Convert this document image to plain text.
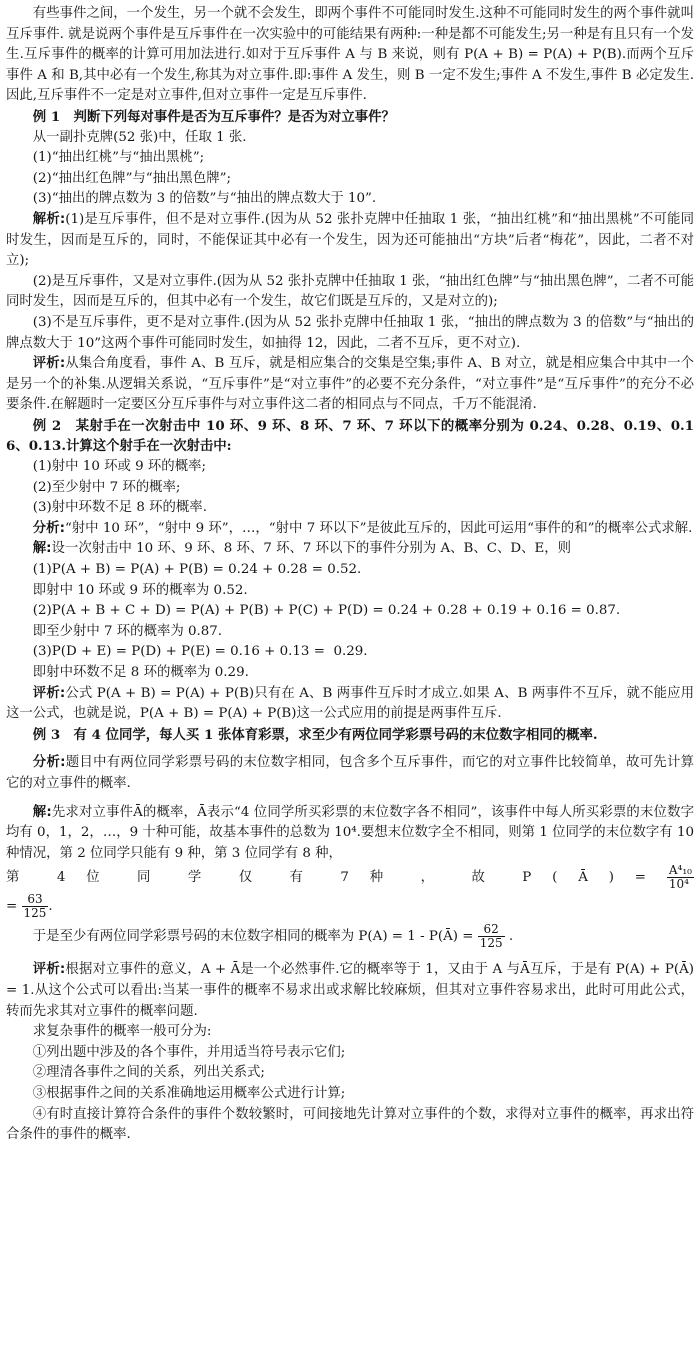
有些事件之间，一个发生，另一个就不会发生，即两个事件不可能同时发生.这种不可能同时发生的两个事件就叫互斥事件. 就是说两个事件是互斥事件在一次实验中的可能结果有两种:一种是都不可能发生;另一种是有且只有一个发生.互斥事件的概率的计算可用加法进行.如对于互斥事件 A 与 B 来说，则有 P(A + B) = P(A) + P(B).而两个互斥事件 A 和 B,其中必有一个发生,称其为对立事件.即:事件 A 发生，则 B 一定不发生;事件 A 不发生,事件 B 必定发生.因此,互斥事件不一定是对立事件,但对立事件一定是互斥事件.

例 1　判断下列每对事件是否为互斥事件？是否为对立事件？

从一副扑克牌(52 张)中，任取 1 张.

(1)“抽出红桃”与“抽出黑桃”;

(2)“抽出红色牌”与“抽出黑色牌”;

(3)“抽出的牌点数为 3 的倍数”与“抽出的牌点数大于 10”.

解析:(1)是互斥事件，但不是对立事件.(因为从 52 张扑克牌中任抽取 1 张，“抽出红桃”和“抽出黑桃”不可能同时发生，因而是互斥的，同时，不能保证其中必有一个发生，因为还可能抽出“方块”后者“梅花”，因此，二者不对立);

(2)是互斥事件，又是对立事件.(因为从 52 张扑克牌中任抽取 1 张，“抽出红色牌”与“抽出黑色牌”，二者不可能同时发生，因而是互斥的，但其中必有一个发生，故它们既是互斥的，又是对立的);

(3)不是互斥事件，更不是对立事件.(因为从 52 张扑克牌中任抽取 1 张，“抽出的牌点数为 3 的倍数”与“抽出的牌点数大于 10”这两个事件可能同时发生，如抽得 12，因此，二者不互斥，更不对立).

评析:从集合角度看，事件 A、B 互斥，就是相应集合的交集是空集;事件 A、B 对立，就是相应集合中其中一个是另一个的补集.从逻辑关系说，“互斥事件”是“对立事件”的必要不充分条件，“对立事件”是“互斥事件”的充分不必要条件.在解题时一定要区分互斥事件与对立事件这二者的相同点与不同点，千万不能混淆.

例 2　某射手在一次射击中 10 环、9 环、8 环、7 环、7 环以下的概率分别为 0.24、0.28、0.19、0.16、0.13.计算这个射手在一次射击中:

(1)射中 10 环或 9 环的概率;

(2)至少射中 7 环的概率;

(3)射中环数不足 8 环的概率.

分析:“射中 10 环”，“射中 9 环”，…，“射中 7 环以下”是彼此互斥的，因此可运用“事件的和”的概率公式求解.

解:设一次射击中 10 环、9 环、8 环、7 环、7 环以下的事件分别为 A、B、C、D、E，则

(1)P(A + B) = P(A) + P(B) = 0.24 + 0.28 = 0.52.

即射中 10 环或 9 环的概率为 0.52.

(2)P(A + B + C + D) = P(A) + P(B) + P(C) + P(D) = 0.24 + 0.28 + 0.19 + 0.16 = 0.87.

即至少射中 7 环的概率为 0.87.

(3)P(D + E) = P(D) + P(E) = 0.16 + 0.13 =  0.29.

即射中环数不足 8 环的概率为 0.29.

评析:公式 P(A + B) = P(A) + P(B)只有在 A、B 两事件互斥时才成立.如果 A、B 两事件不互斥，就不能应用这一公式，也就是说，P(A + B) = P(A) + P(B)这一公式应用的前提是两事件互斥.

例 3　有 4 位同学，每人买 1 张体育彩票，求至少有两位同学彩票号码的末位数字相同的概率.

分析:题目中有两位同学彩票号码的末位数字相同，包含多个互斥事件，而它的对立事件比较简单，故可先计算它的对立事件的概率.

解:先求对立事件Ā的概率，Ā表示“4 位同学所买彩票的末位数字各不相同”，该事件中每人所买彩票的末位数字均有 0，1，2，…，9 十种可能，故基本事件的总数为 10⁴.要想末位数字全不相同，则第 1 位同学的末位数字有 10 种情况，第 2 位同学只能有 9 种，第 3 位同学有 8 种，

第 4 位 同 学 仅 有 7 种 ， 故 P ( Ā ) = $\frac{\text{A⁴₁₀}}{\text{10⁴}}$

= $\frac{63}{125}$ .

于是至少有两位同学彩票号码的末位数字相同的概率为 P(A) = 1 - P(Ā) = $\frac{62}{125}$ .

评析:根据对立事件的意义，A + Ā是一个必然事件.它的概率等于 1，又由于 A 与Ā互斥，于是有 P(A) + P(Ā) = 1.从这个公式可以看出:当某一事件的概率不易求出或求解比较麻烦，但其对立事件容易求出，此时可用此公式，转而先求其对立事件的概率问题.

求复杂事件的概率一般可分为:

①列出题中涉及的各个事件，并用适当符号表示它们;

②理清各事件之间的关系，列出关系式;

③根据事件之间的关系准确地运用概率公式进行计算;

④有时直接计算符合条件的事件个数较繁时，可间接地先计算对立事件的个数，求得对立事件的概率，再求出符合条件的事件的概率.
